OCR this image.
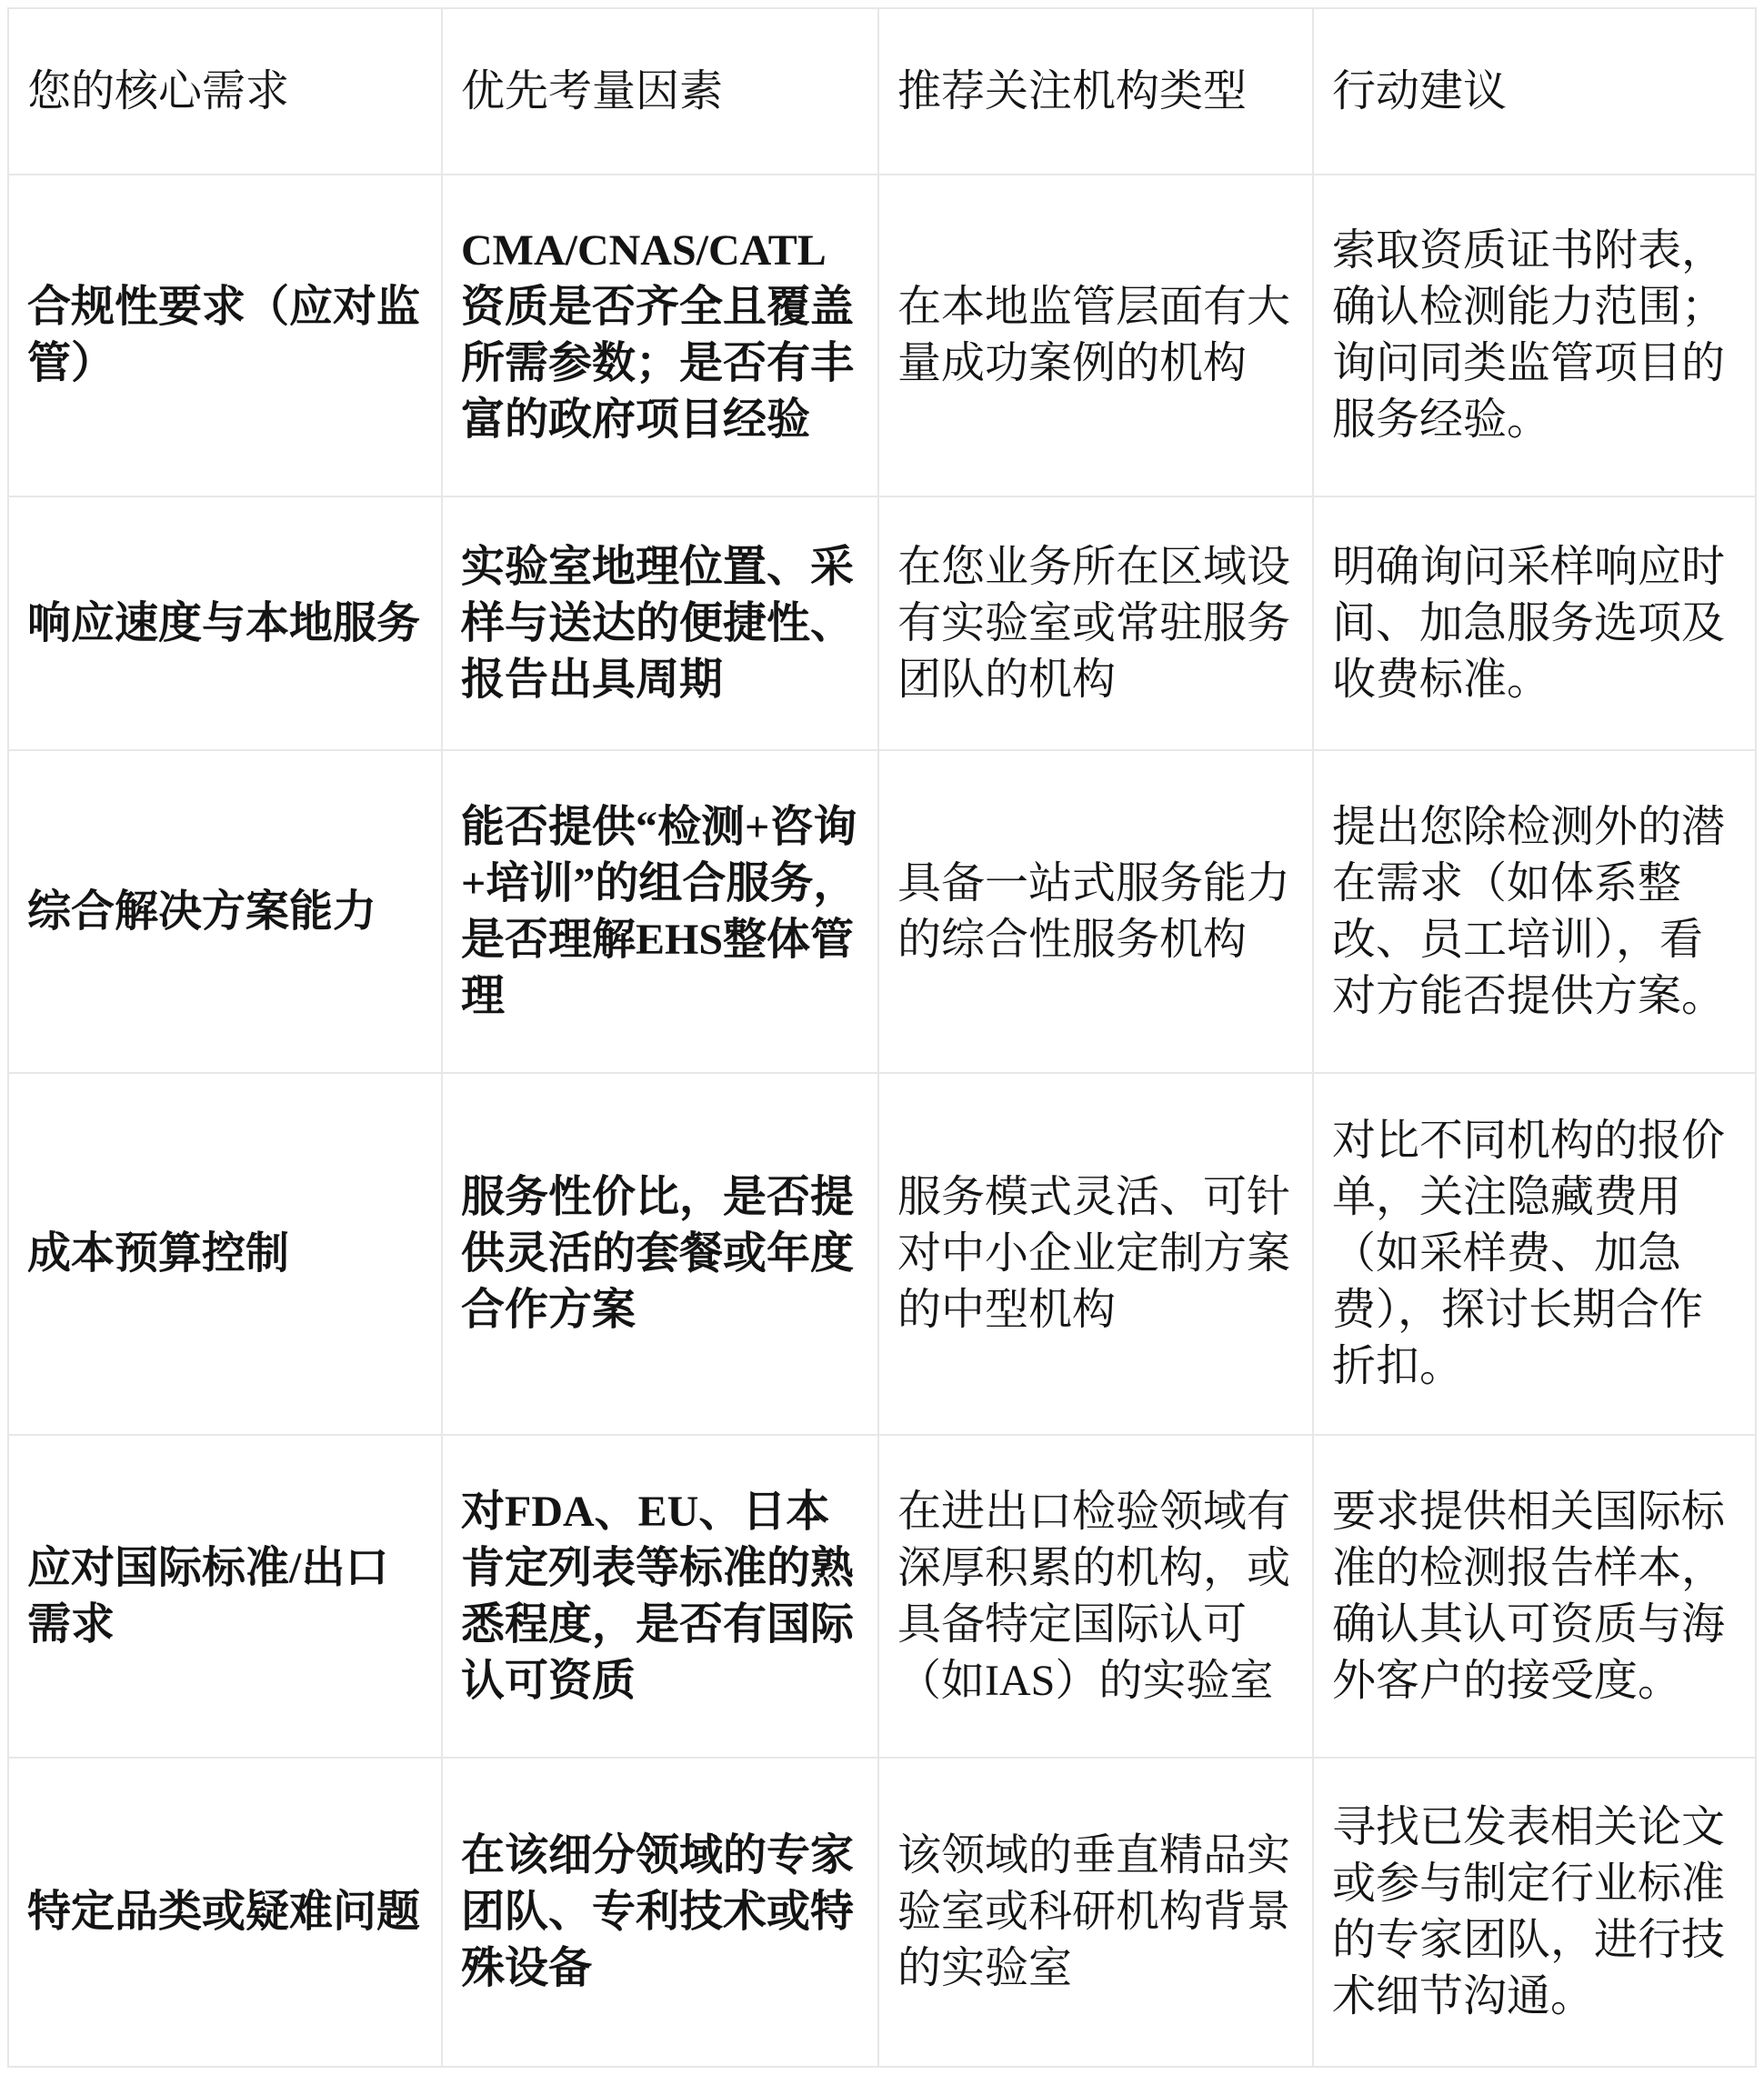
您的核心需求	优先考量因素	推荐关注机构类型	行动建议
合规性要求（应对监管）	CMA/CNAS/CATL资质是否齐全且覆盖所需参数；是否有丰富的政府项目经验	在本地监管层面有大量成功案例的机构	索取资质证书附表，确认检测能力范围；询问同类监管项目的服务经验。
响应速度与本地服务	实验室地理位置、采样与送达的便捷性、报告出具周期	在您业务所在区域设有实验室或常驻服务团队的机构	明确询问采样响应时间、加急服务选项及收费标准。
综合解决方案能力	能否提供“检测+咨询+培训”的组合服务，是否理解EHS整体管理	具备一站式服务能力的综合性服务机构	提出您除检测外的潜在需求（如体系整改、员工培训），看对方能否提供方案。
成本预算控制	服务性价比，是否提供灵活的套餐或年度合作方案	服务模式灵活、可针对中小企业定制方案的中型机构	对比不同机构的报价单，关注隐藏费用（如采样费、加急费），探讨长期合作折扣。
应对国际标准/出口需求	对FDA、EU、日本肯定列表等标准的熟悉程度，是否有国际认可资质	在进出口检验领域有深厚积累的机构，或具备特定国际认可（如IAS）的实验室	要求提供相关国际标准的检测报告样本，确认其认可资质与海外客户的接受度。
特定品类或疑难问题	在该细分领域的专家团队、专利技术或特殊设备	该领域的垂直精品实验室或科研机构背景的实验室	寻找已发表相关论文或参与制定行业标准的专家团队，进行技术细节沟通。
